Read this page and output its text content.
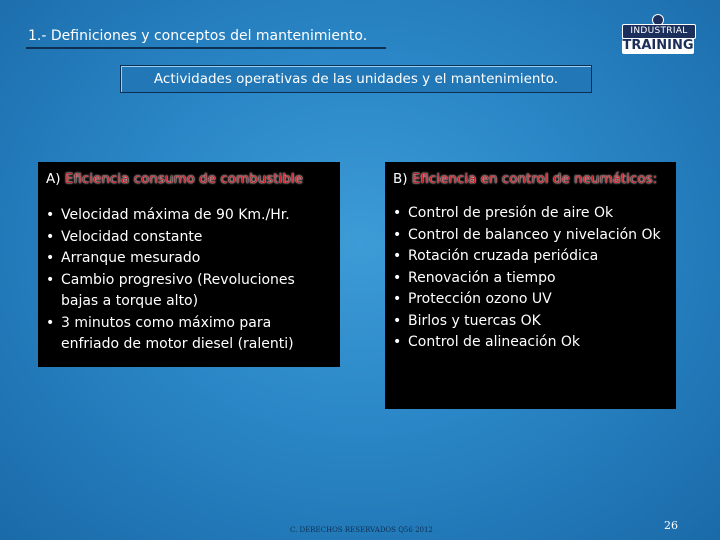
1.- Definiciones y conceptos del mantenimiento.	INDUSTRIAL
TRAINING
Actividades operativas de las unidades y el mantenimiento.
A) Eficiencia consumo de combustible
• Velocidad máxima de 90 Km./Hr.
• Velocidad constante
• Arranque mesurado
• Cambio progresivo (Revoluciones bajas a torque alto)
• 3 minutos como máximo para enfriado de motor diesel (ralenti)
B) Eficiencia en control de neumáticos:
• Control de presión de aire Ok
• Control de balanceo y nivelación Ok
• Rotación cruzada periódica
• Renovación a tiempo
• Protección ozono UV
• Birlos y tuercas OK
• Control de alineación Ok
C. DERECHOS RESERVADOS Q56 2012	26
